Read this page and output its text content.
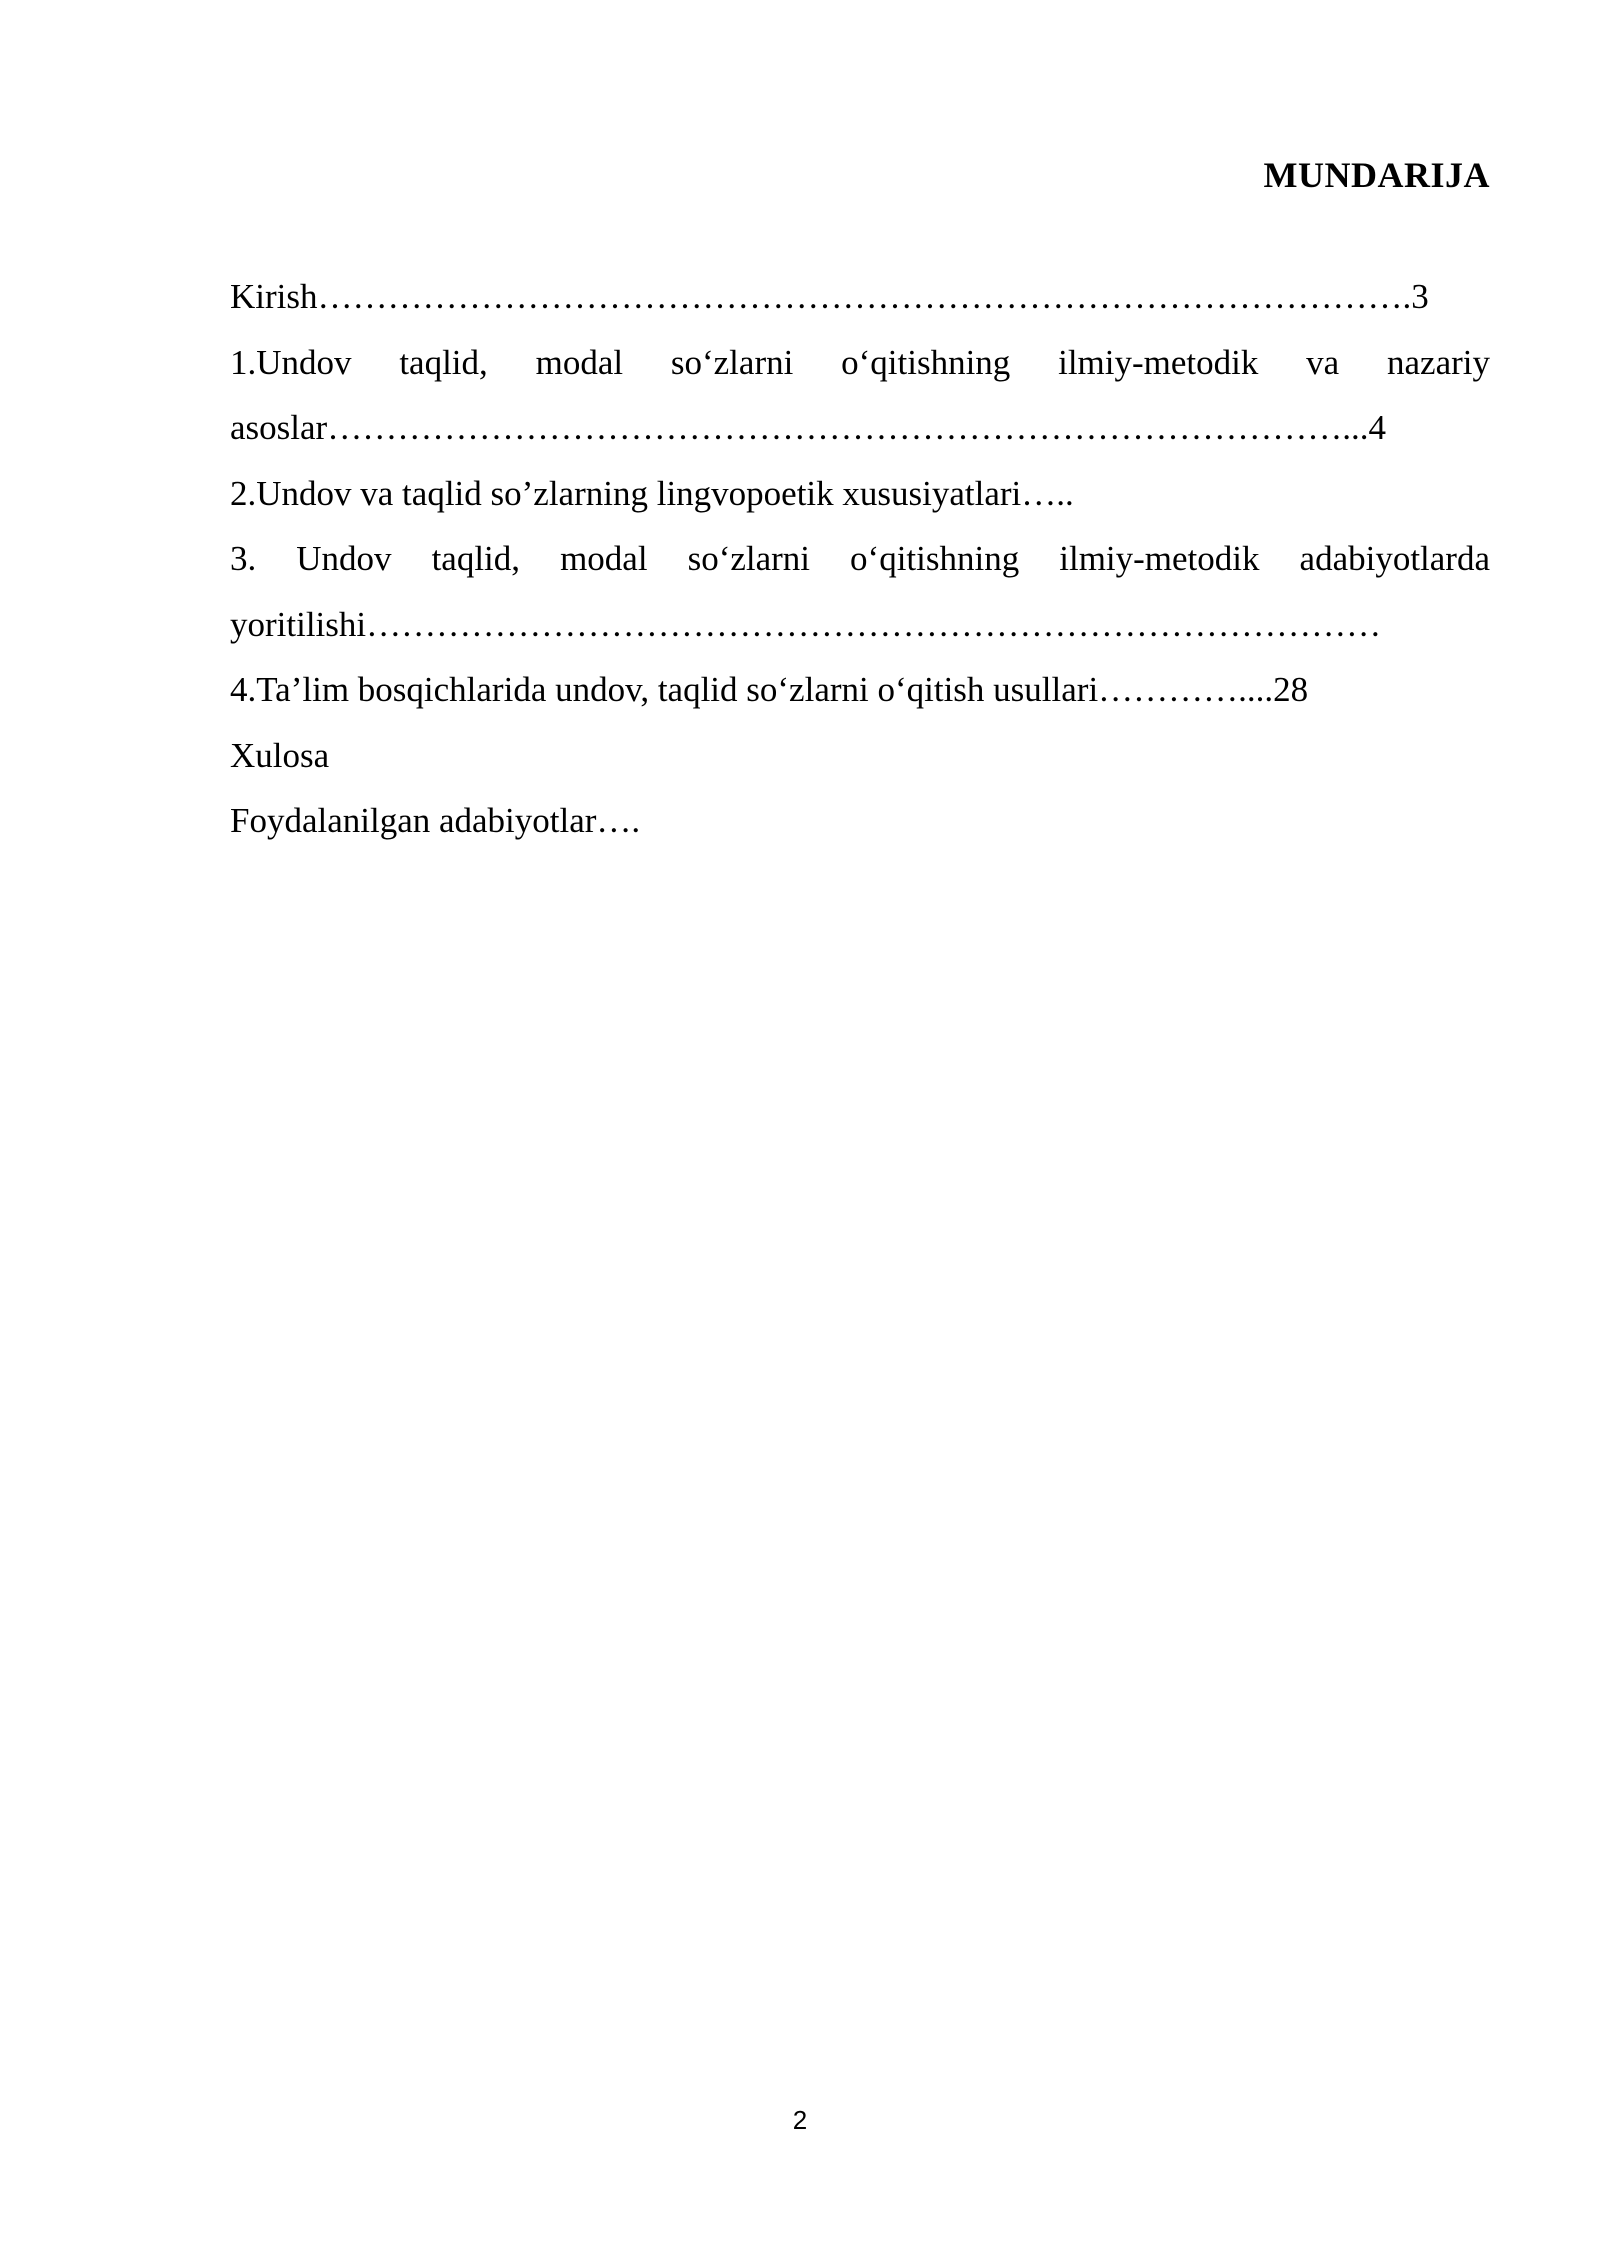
MUNDARIJA
Kirish………………………………………………………………………………….3
1.Undov taqlid, modal so‘zlarni o‘qitishning ilmiy-metodik va nazariy
asoslar……………………………………………………………………………...4
2.Undov va taqlid so’zlarning lingvopoetik xususiyatlari…..
3. Undov taqlid, modal so‘zlarni o‘qitishning ilmiy-metodik adabiyotlarda
yoritilishi……………………………………………………………………………
4.Ta’lim bosqichlarida undov, taqlid so‘zlarni o‘qitish usullari…………....28
Xulosa
Foydalanilgan adabiyotlar….
2
